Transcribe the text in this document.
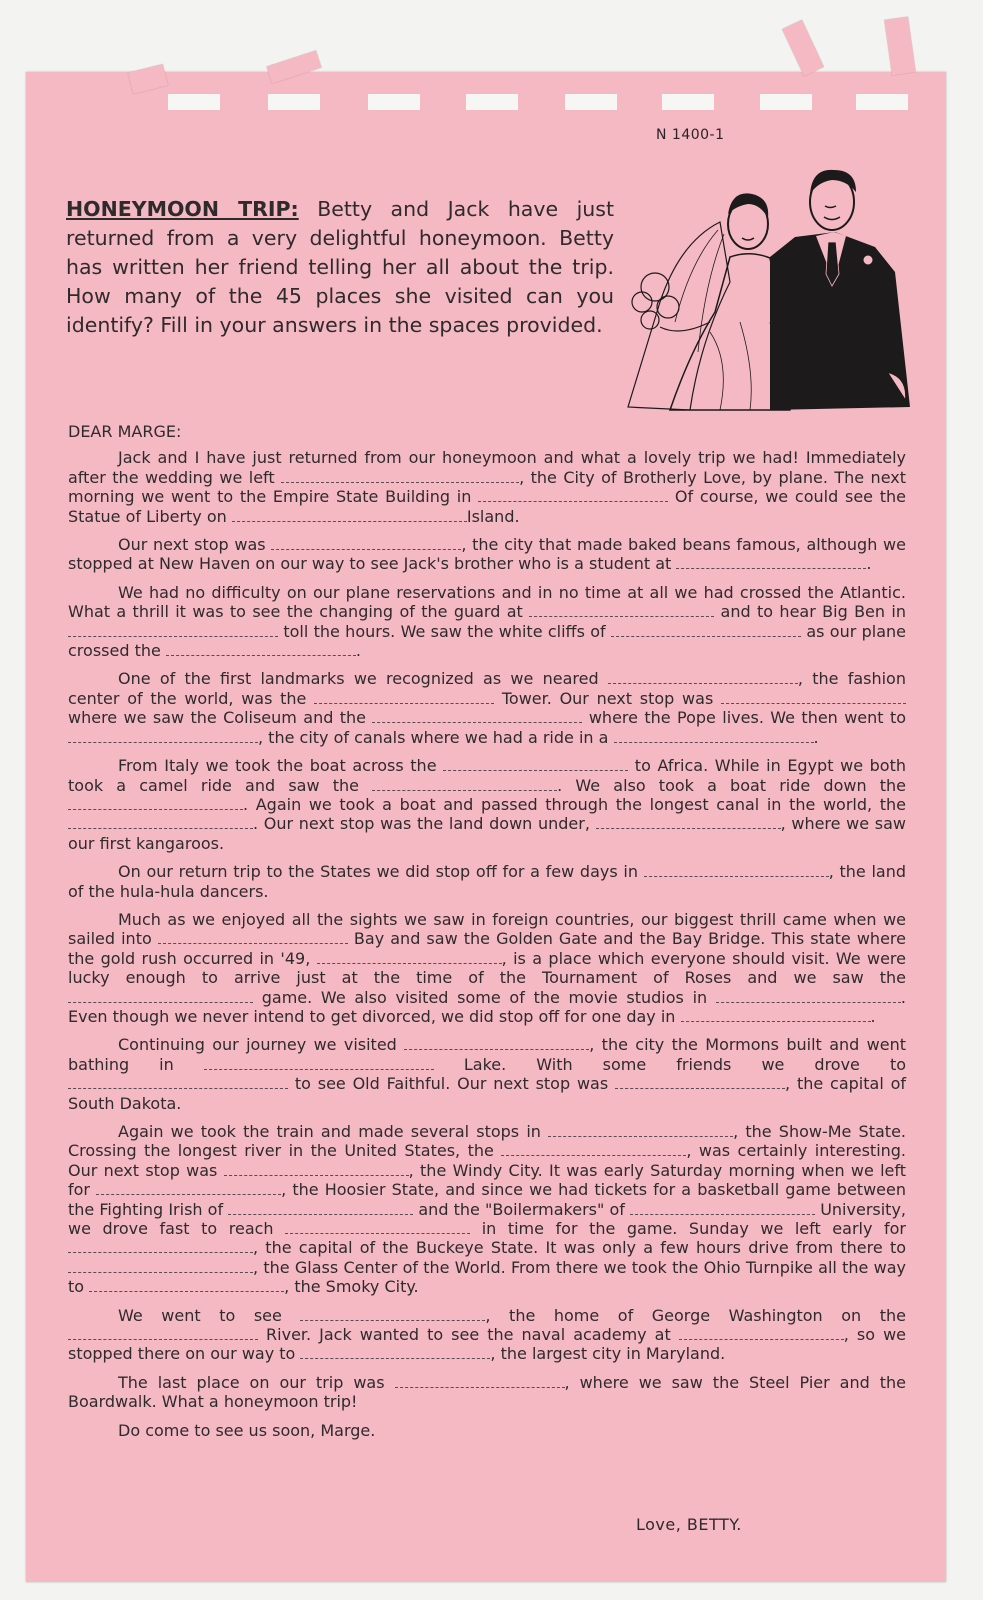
N 1400-1
HONEYMOON TRIP: Betty and Jack have just returned from a very delightful honeymoon. Betty has written her friend telling her all about the trip. How many of the 45 places she visited can you identify? Fill in your answers in the spaces provided.
DEAR MARGE:

Jack and I have just returned from our honeymoon and what a lovely trip we had! Immediately after the wedding we left	, the City of Brotherly Love, by plane. The next morning we went to the Empire State Building in	Of course, we could see the Statue of Liberty on	Island.

Our next stop was	, the city that made baked beans famous, although we stopped at New Haven on our way to see Jack's brother who is a student at	.

We had no difficulty on our plane reservations and in no time at all we had crossed the Atlantic. What a thrill it was to see the changing of the guard at	and to hear Big Ben in  toll the hours. We saw the white cliffs of	as our plane crossed the	.

One of the first landmarks we recognized as we neared	, the fashion center of the world, was the	Tower. Our next stop was  where we saw the Coliseum and the	where the Pope lives. We then went to , the city of canals where we had a ride in a	.

From Italy we took the boat across the	to Africa. While in Egypt we both took a camel ride and saw the	. We also took a boat ride down the . Again we took a boat and passed through the longest canal in the world, the . Our next stop was the land down under,	, where we saw our first kangaroos.

On our return trip to the States we did stop off for a few days in	, the land of the hula-hula dancers.

Much as we enjoyed all the sights we saw in foreign countries, our biggest thrill came when we sailed into	Bay and saw the Golden Gate and the Bay Bridge. This state where the gold rush occurred in '49,	, is a place which everyone should visit. We were lucky enough to arrive just at the time of the Tournament of Roses and we saw the  game. We also visited some of the movie studios in	. Even though we never intend to get divorced, we did stop off for one day in	.

Continuing our journey we visited	, the city the Mormons built and went bathing in	Lake. With some friends we drove to  to see Old Faithful. Our next stop was	, the capital of South Dakota.

Again we took the train and made several stops in	, the Show-Me State. Crossing the longest river in the United States, the	, was certainly interesting. Our next stop was	, the Windy City. It was early Saturday morning when we left for	, the Hoosier State, and since we had tickets for a basketball game between the Fighting Irish of	and the "Boilermakers" of	University, we drove fast to reach	in time for the game. Sunday we left early for , the capital of the Buckeye State. It was only a few hours drive from there to , the Glass Center of the World. From there we took the Ohio Turnpike all the way to	, the Smoky City.

We went to see	, the home of George Washington on the  River. Jack wanted to see the naval academy at	, so we stopped there on our way to	, the largest city in Maryland.

The last place on our trip was	, where we saw the Steel Pier and the Boardwalk. What a honeymoon trip!

Do come to see us soon, Marge.
Love, BETTY.
